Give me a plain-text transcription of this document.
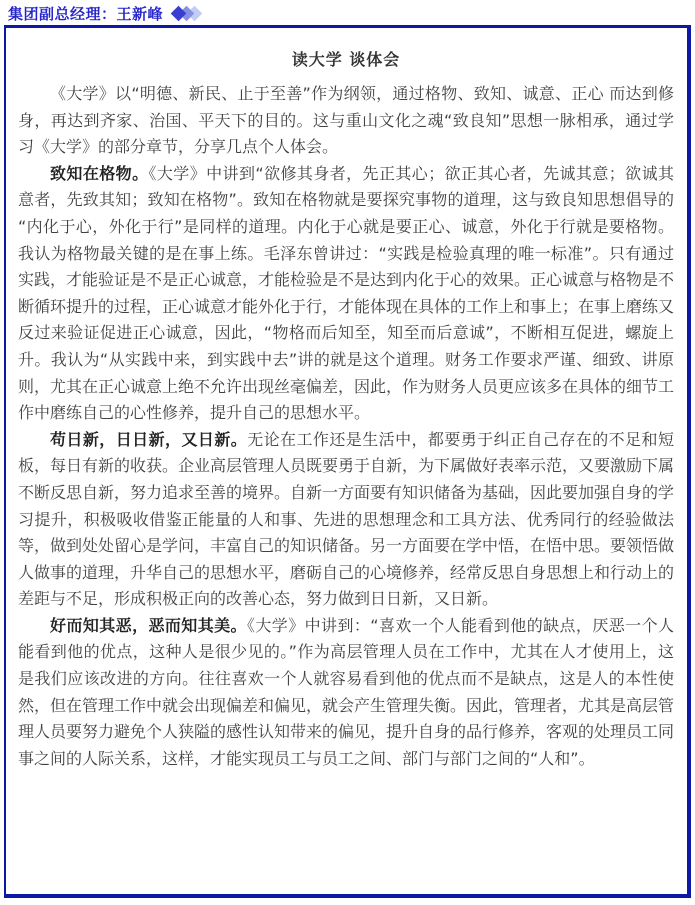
集团副总经理：王新峰
读大学 谈体会

《大学》以“明德、新民、止于至善”作为纲领，通过格物、致知、诚意、正心 而达到修身，再达到齐家、治国、平天下的目的。这与重山文化之魂“致良知”思想一脉相承，通过学习《大学》的部分章节，分享几点个人体会。

致知在格物。《大学》中讲到“欲修其身者，先正其心；欲正其心者，先诚其意；欲诚其意者，先致其知；致知在格物”。致知在格物就是要探究事物的道理，这与致良知思想倡导的“内化于心，外化于行”是同样的道理。内化于心就是要正心、诚意，外化于行就是要格物。我认为格物最关键的是在事上练。毛泽东曾讲过：“实践是检验真理的唯一标准”。只有通过实践，才能验证是不是正心诚意，才能检验是不是达到内化于心的效果。正心诚意与格物是不断循环提升的过程，正心诚意才能外化于行，才能体现在具体的工作上和事上；在事上磨练又反过来验证促进正心诚意，因此，“物格而后知至，知至而后意诚”，不断相互促进，螺旋上升。我认为“从实践中来，到实践中去”讲的就是这个道理。财务工作要求严谨、细致、讲原则，尤其在正心诚意上绝不允许出现丝毫偏差，因此，作为财务人员更应该多在具体的细节工作中磨练自己的心性修养，提升自己的思想水平。

苟日新，日日新，又日新。无论在工作还是生活中，都要勇于纠正自己存在的不足和短板，每日有新的收获。企业高层管理人员既要勇于自新，为下属做好表率示范，又要激励下属不断反思自新，努力追求至善的境界。自新一方面要有知识储备为基础，因此要加强自身的学习提升，积极吸收借鉴正能量的人和事、先进的思想理念和工具方法、优秀同行的经验做法等，做到处处留心是学问，丰富自己的知识储备。另一方面要在学中悟，在悟中思。要领悟做人做事的道理，升华自己的思想水平，磨砺自己的心境修养，经常反思自身思想上和行动上的差距与不足，形成积极正向的改善心态，努力做到日日新，又日新。

好而知其恶，恶而知其美。《大学》中讲到：“喜欢一个人能看到他的缺点，厌恶一个人能看到他的优点，这种人是很少见的。”作为高层管理人员在工作中，尤其在人才使用上，这是我们应该改进的方向。往往喜欢一个人就容易看到他的优点而不是缺点，这是人的本性使然，但在管理工作中就会出现偏差和偏见，就会产生管理失衡。因此，管理者，尤其是高层管理人员要努力避免个人狭隘的感性认知带来的偏见，提升自身的品行修养，客观的处理员工同事之间的人际关系，这样，才能实现员工与员工之间、部门与部门之间的“人和”。
